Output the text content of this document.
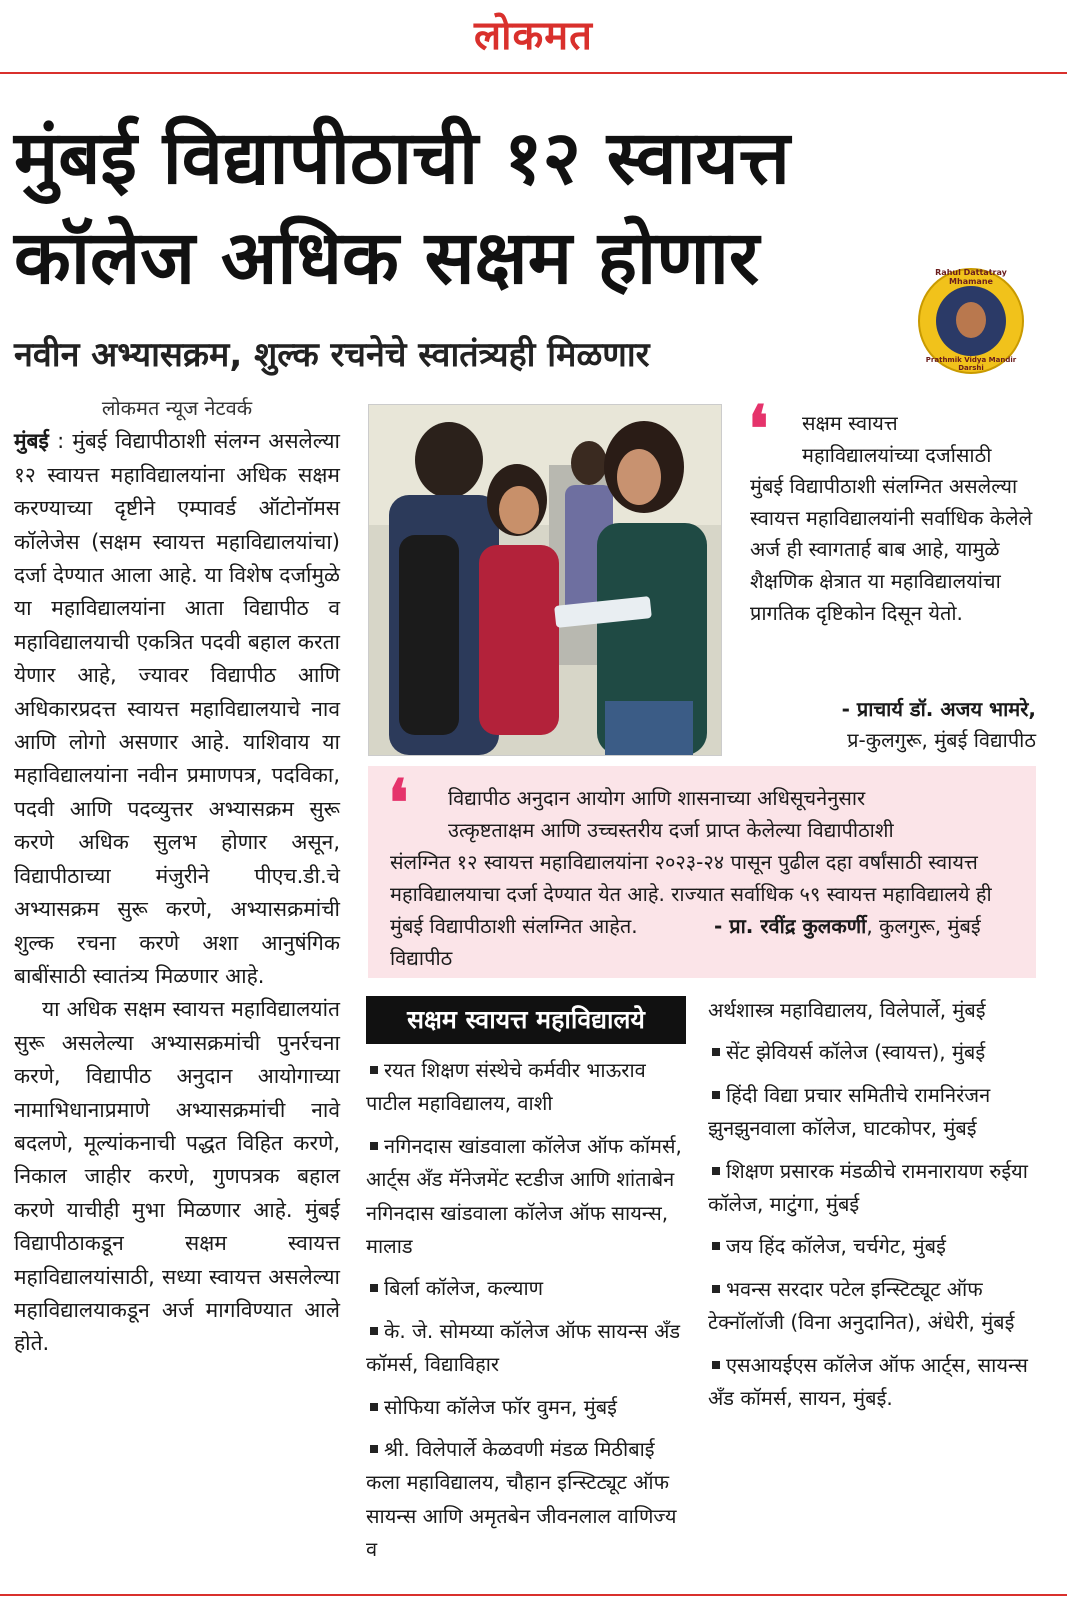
लोकमत
मुंबई विद्यापीठाची १२ स्वायत्त
कॉलेज अधिक सक्षम होणार
नवीन अभ्यासक्रम, शुल्क रचनेचे स्वातंत्र्यही मिळणार
Rahul Dattatray Mhamane
Prathmik Vidya Mandir Darshi
लोकमत न्यूज नेटवर्क

मुंबई : मुंबई विद्यापीठाशी संलग्न असलेल्या १२ स्वायत्त महाविद्यालयांना अधिक सक्षम करण्याच्या दृष्टीने एम्पावर्ड ऑटोनॉमस कॉलेजेस (सक्षम स्वायत्त महाविद्यालयांचा) दर्जा देण्यात आला आहे. या विशेष दर्जामुळे या महाविद्यालयांना आता विद्यापीठ व महाविद्यालयाची एकत्रित पदवी बहाल करता येणार आहे, ज्यावर विद्यापीठ आणि अधिकारप्रदत्त स्वायत्त महाविद्यालयाचे नाव आणि लोगो असणार आहे. याशिवाय या महाविद्यालयांना नवीन प्रमाणपत्र, पदविका, पदवी आणि पदव्युत्तर अभ्यासक्रम सुरू करणे अधिक सुलभ होणार असून, विद्यापीठाच्या मंजुरीने पीएच.डी.चे अभ्यासक्रम सुरू करणे, अभ्यासक्रमांची शुल्क रचना करणे अशा आनुषंगिक बाबींसाठी स्वातंत्र्य मिळणार आहे.

या अधिक सक्षम स्वायत्त महाविद्यालयांत सुरू असलेल्या अभ्यासक्रमांची पुनर्रचना करणे, विद्यापीठ अनुदान आयोगाच्या नामाभिधानाप्रमाणे अभ्यासक्रमांची नावे बदलणे, मूल्यांकनाची पद्धत विहित करणे, निकाल जाहीर करणे, गुणपत्रक बहाल करणे याचीही मुभा मिळणार आहे. मुंबई विद्यापीठाकडून सक्षम स्वायत्त महाविद्यालयांसाठी, सध्या स्वायत्त असलेल्या महाविद्यालयाकडून अर्ज मागविण्यात आले होते.

❛	सक्षम स्वायत्त
महाविद्यालयांच्या दर्जासाठी
मुंबई विद्यापीठाशी संलग्नित असलेल्या स्वायत्त महाविद्यालयांनी सर्वाधिक केलेले अर्ज ही स्वागतार्ह बाब आहे, यामुळे शैक्षणिक क्षेत्रात या महाविद्यालयांचा प्रागतिक दृष्टिकोन दिसून येतो.
- प्राचार्य डॉ. अजय भामरे,
प्र-कुलगुरू, मुंबई विद्यापीठ
❛	विद्यापीठ अनुदान आयोग आणि शासनाच्या अधिसूचनेनुसार
उत्कृष्टताक्षम आणि उच्चस्तरीय दर्जा प्राप्त केलेल्या विद्यापीठाशी
संलग्नित १२ स्वायत्त महाविद्यालयांना २०२३-२४ पासून पुढील दहा वर्षांसाठी स्वायत्त महाविद्यालयाचा दर्जा देण्यात येत आहे. राज्यात सर्वाधिक ५९ स्वायत्त महाविद्यालये ही मुंबई विद्यापीठाशी संलग्नित आहेत.	- प्रा. रवींद्र कुलकर्णी, कुलगुरू, मुंबई विद्यापीठ
सक्षम स्वायत्त महाविद्यालये
रयत शिक्षण संस्थेचे कर्मवीर भाऊराव पाटील महाविद्यालय, वाशी
नगिनदास खांडवाला कॉलेज ऑफ कॉमर्स, आर्ट्स अँड मॅनेजमेंट स्टडीज आणि शांताबेन नगिनदास खांडवाला कॉलेज ऑफ सायन्स, मालाड
बिर्ला कॉलेज, कल्याण
के. जे. सोमय्या कॉलेज ऑफ सायन्स अँड कॉमर्स, विद्याविहार
सोफिया कॉलेज फॉर वुमन, मुंबई
श्री. विलेपार्ले केळवणी मंडळ मिठीबाई कला महाविद्यालय, चौहान इन्स्टिट्यूट ऑफ सायन्स आणि अमृतबेन जीवनलाल वाणिज्य व
अर्थशास्त्र महाविद्यालय, विलेपार्ले, मुंबई
सेंट झेवियर्स कॉलेज (स्वायत्त), मुंबई
हिंदी विद्या प्रचार समितीचे रामनिरंजन झुनझुनवाला कॉलेज, घाटकोपर, मुंबई
शिक्षण प्रसारक मंडळीचे रामनारायण रुईया कॉलेज, माटुंगा, मुंबई
जय हिंद कॉलेज, चर्चगेट, मुंबई
भवन्स सरदार पटेल इन्स्टिट्यूट ऑफ टेक्नॉलॉजी (विना अनुदानित), अंधेरी, मुंबई
एसआयईएस कॉलेज ऑफ आर्ट्स, सायन्स अँड कॉमर्स, सायन, मुंबई.
